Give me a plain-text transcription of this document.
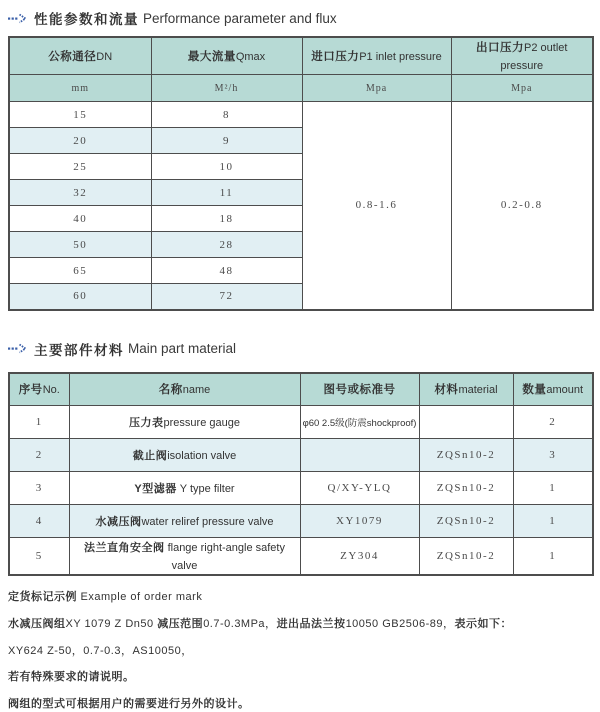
性能参数和流量 Performance parameter and flux
公称通径DN	最大流量Qmax	进口压力P1 inlet pressure	出口压力P2 outlet pressure
mm	M²/h	Mpa	Mpa
15	8	0.8-1.6	0.2-0.8
20	9		
25	10		
32	11		
40	18		
50	28		
65	48		
60	72		
主要部件材料 Main part material
序号No.	名称name	图号或标准号	材料material	数量amount
1	压力表pressure gauge	φ60 2.5级(防震shockproof)		2
2	截止阀isolation valve		ZQSn10-2	3
3	Y型滤器 Y type filter	Q/XY-YLQ	ZQSn10-2	1
4	水减压阀water reliref pressure valve	XY1079	ZQSn10-2	1
5	法兰直角安全阀 flange right-angle safety valve	ZY304	ZQSn10-2	1
定货标记示例 Example of order mark
水减压阀组XY 1079 Z Dn50 减压范围0.7-0.3MPa，进出品法兰按10050 GB2506-89，表示如下：
XY624 Z-50，0.7-0.3，AS10050，
若有特殊要求的请说明。
阀组的型式可根据用户的需要进行另外的设计。
